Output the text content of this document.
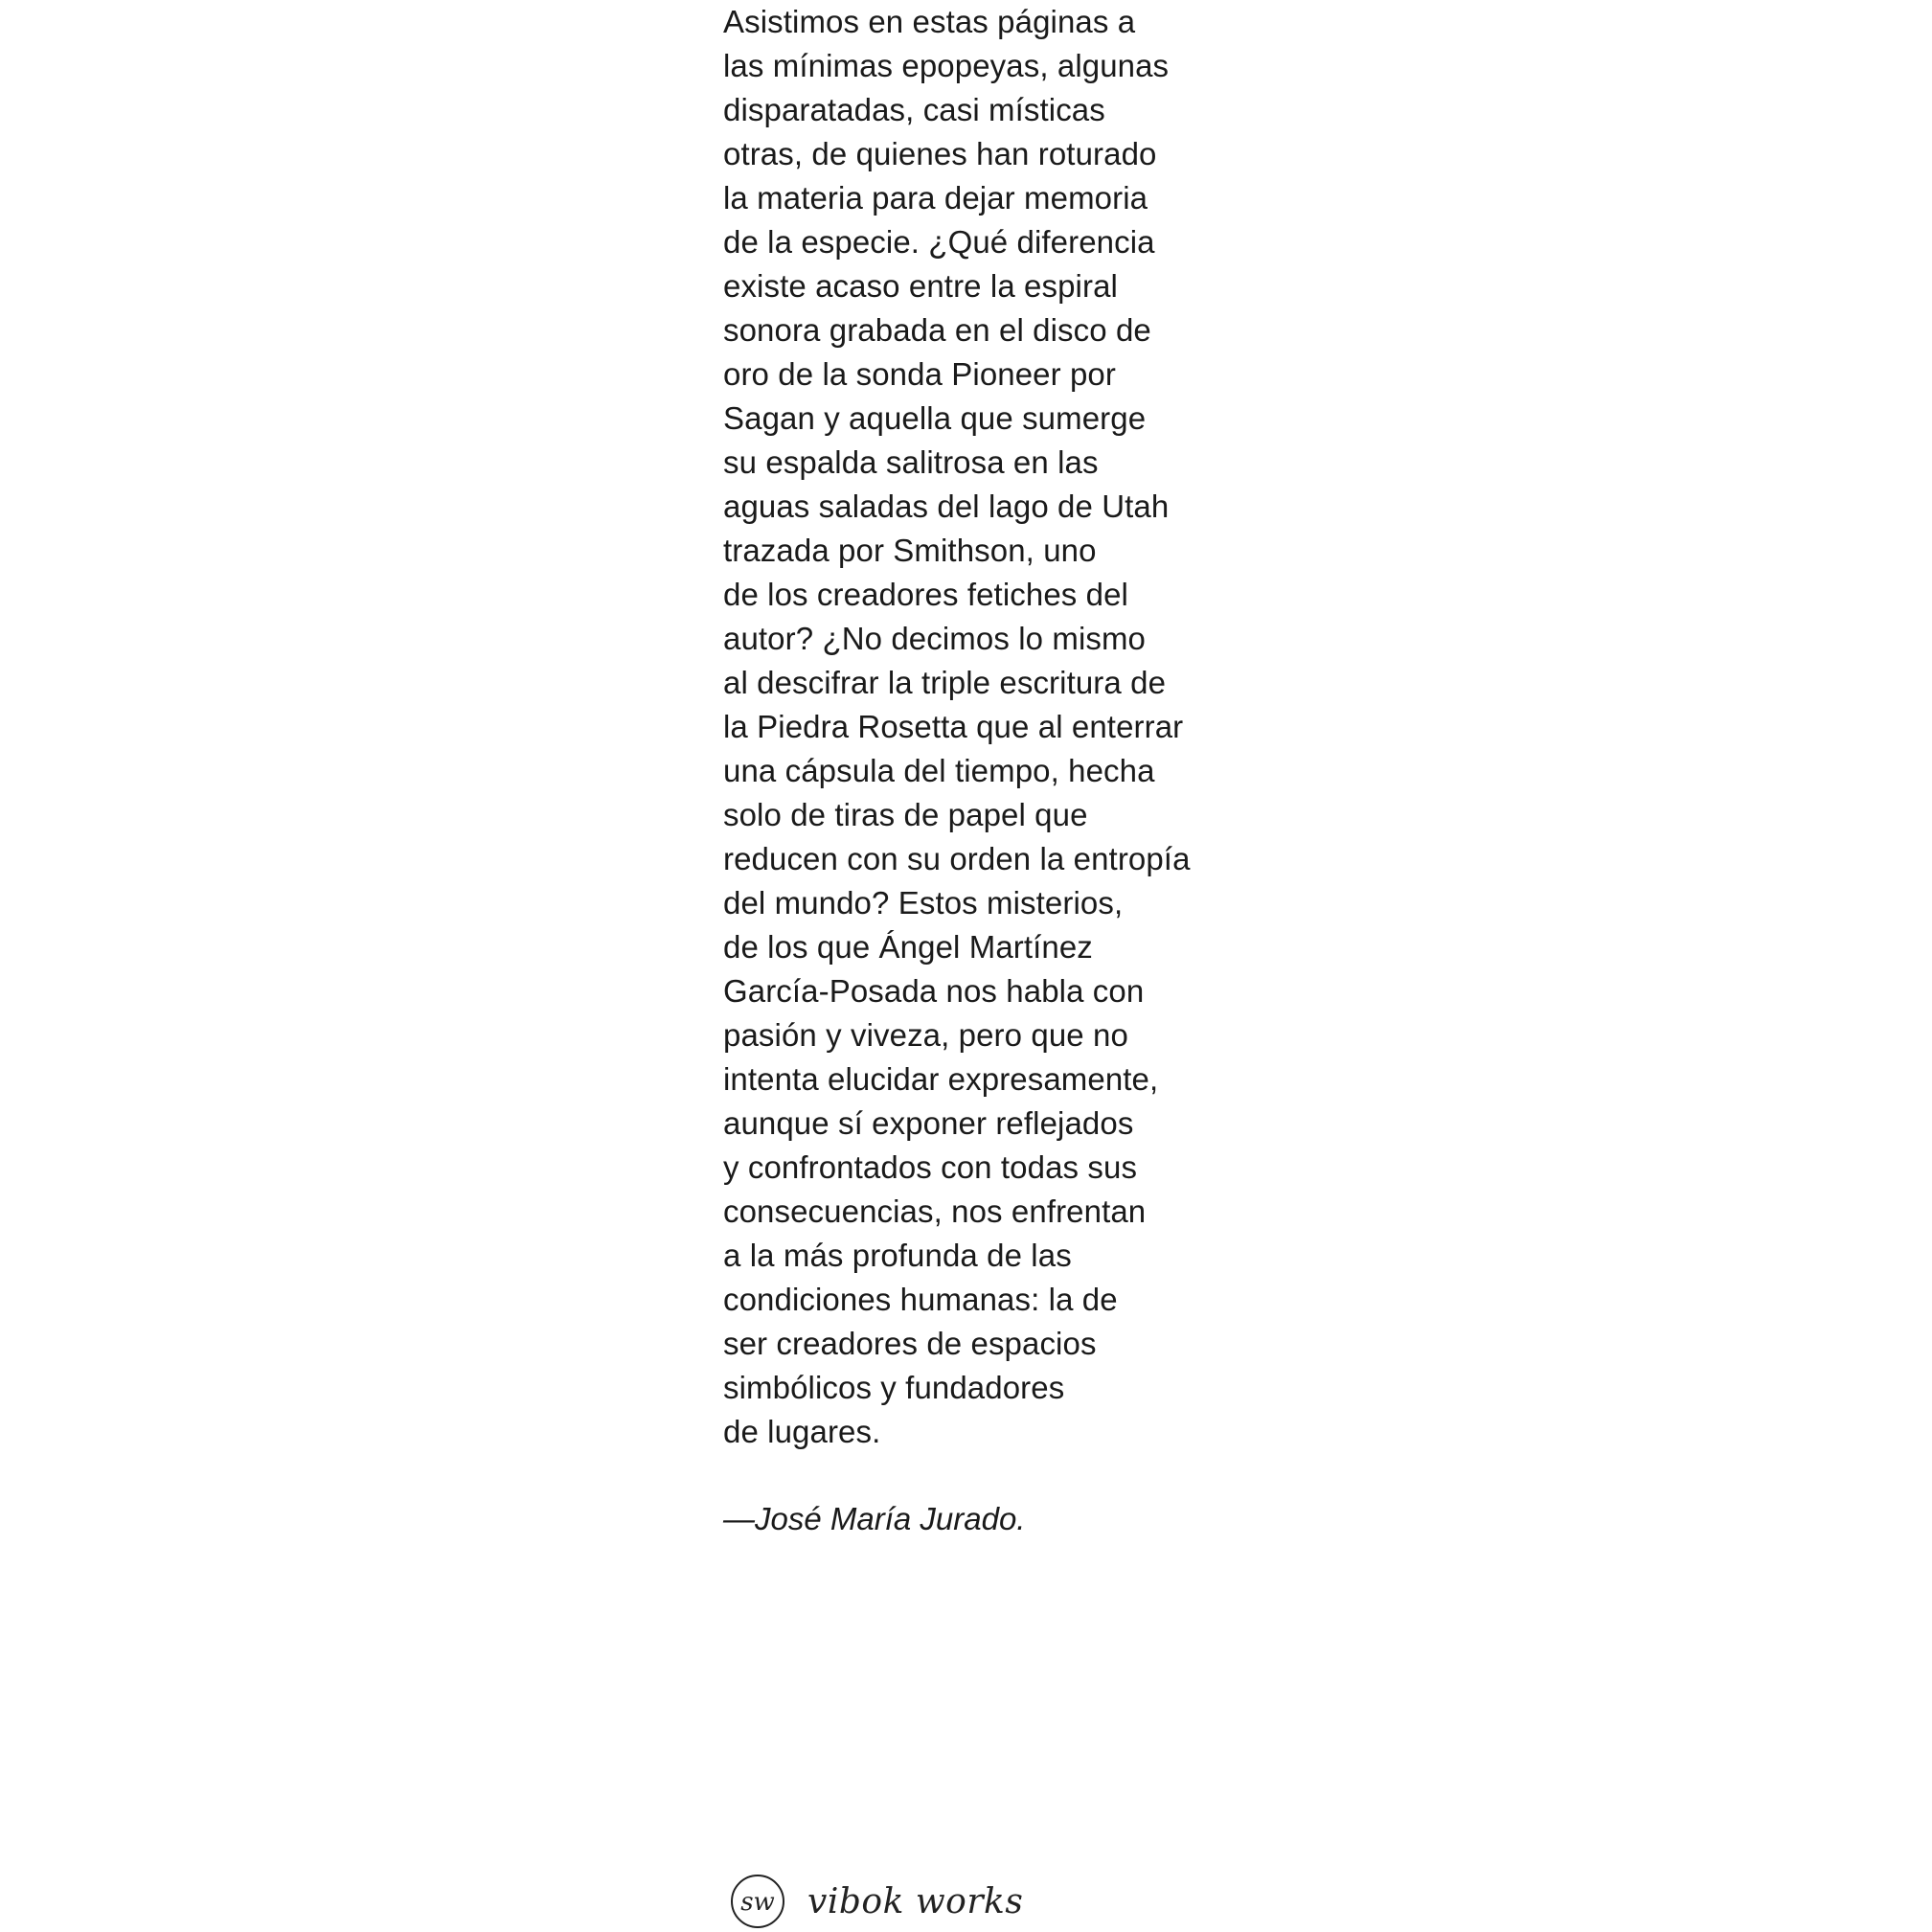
Asistimos en estas páginas a
las mínimas epopeyas, algunas
disparatadas, casi místicas
otras, de quienes han roturado
la materia para dejar memoria
de la especie. ¿Qué diferencia
existe acaso entre la espiral
sonora grabada en el disco de
oro de la sonda Pioneer por
Sagan y aquella que sumerge
su espalda salitrosa en las
aguas saladas del lago de Utah
trazada por Smithson, uno
de los creadores fetiches del
autor? ¿No decimos lo mismo
al descifrar la triple escritura de
la Piedra Rosetta que al enterrar
una cápsula del tiempo, hecha
solo de tiras de papel que
reducen con su orden la entropía
del mundo? Estos misterios,
de los que Ángel Martínez
García-Posada nos habla con
pasión y viveza, pero que no
intenta elucidar expresamente,
aunque sí exponer reflejados
y confrontados con todas sus
consecuencias, nos enfrentan
a la más profunda de las
condiciones humanas: la de
ser creadores de espacios
simbólicos y fundadores
de lugares.
—José María Jurado.
sw vibok works
